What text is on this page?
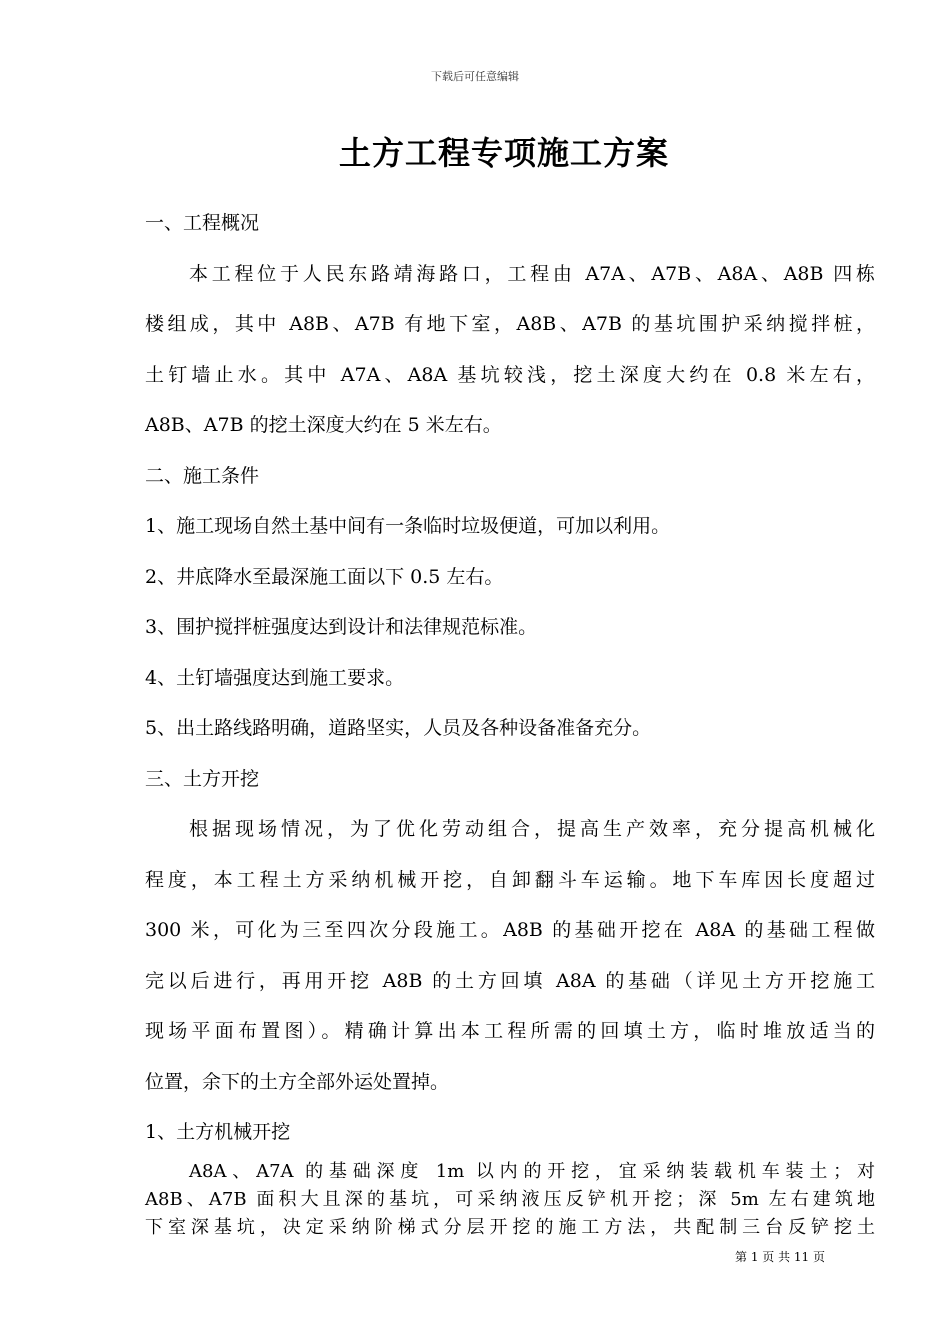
下载后可任意编辑
土方工程专项施工方案
一、工程概况
本工程位于人民东路靖海路口，工程由 A7A、A7B、A8A、A8B 四栋
楼组成，其中 A8B、A7B 有地下室，A8B、A7B 的基坑围护采纳搅拌桩，
土钉墙止水。其中 A7A、A8A 基坑较浅，挖土深度大约在 0.8 米左右，
A8B、A7B 的挖土深度大约在 5 米左右。
二、施工条件
1、施工现场自然土基中间有一条临时垃圾便道，可加以利用。
2、井底降水至最深施工面以下 0.5 左右。
3、围护搅拌桩强度达到设计和法律规范标准。
4、土钉墙强度达到施工要求。
5、出土路线路明确，道路坚实，人员及各种设备准备充分。
三、土方开挖
根据现场情况，为了优化劳动组合，提高生产效率，充分提高机械化
程度，本工程土方采纳机械开挖，自卸翻斗车运输。地下车库因长度超过
300 米，可化为三至四次分段施工。A8B 的基础开挖在 A8A 的基础工程做
完以后进行，再用开挖 A8B 的土方回填 A8A 的基础（详见土方开挖施工
现场平面布置图）。精确计算出本工程所需的回填土方，临时堆放适当的
位置，余下的土方全部外运处置掉。
1、土方机械开挖
A8A、A7A 的基础深度 1m 以内的开挖，宜采纳装载机车装土；对
A8B、A7B 面积大且深的基坑，可采纳液压反铲机开挖；深 5m 左右建筑地
下室深基坑，决定采纳阶梯式分层开挖的施工方法，共配制三台反铲挖土
第 1 页 共 11 页
